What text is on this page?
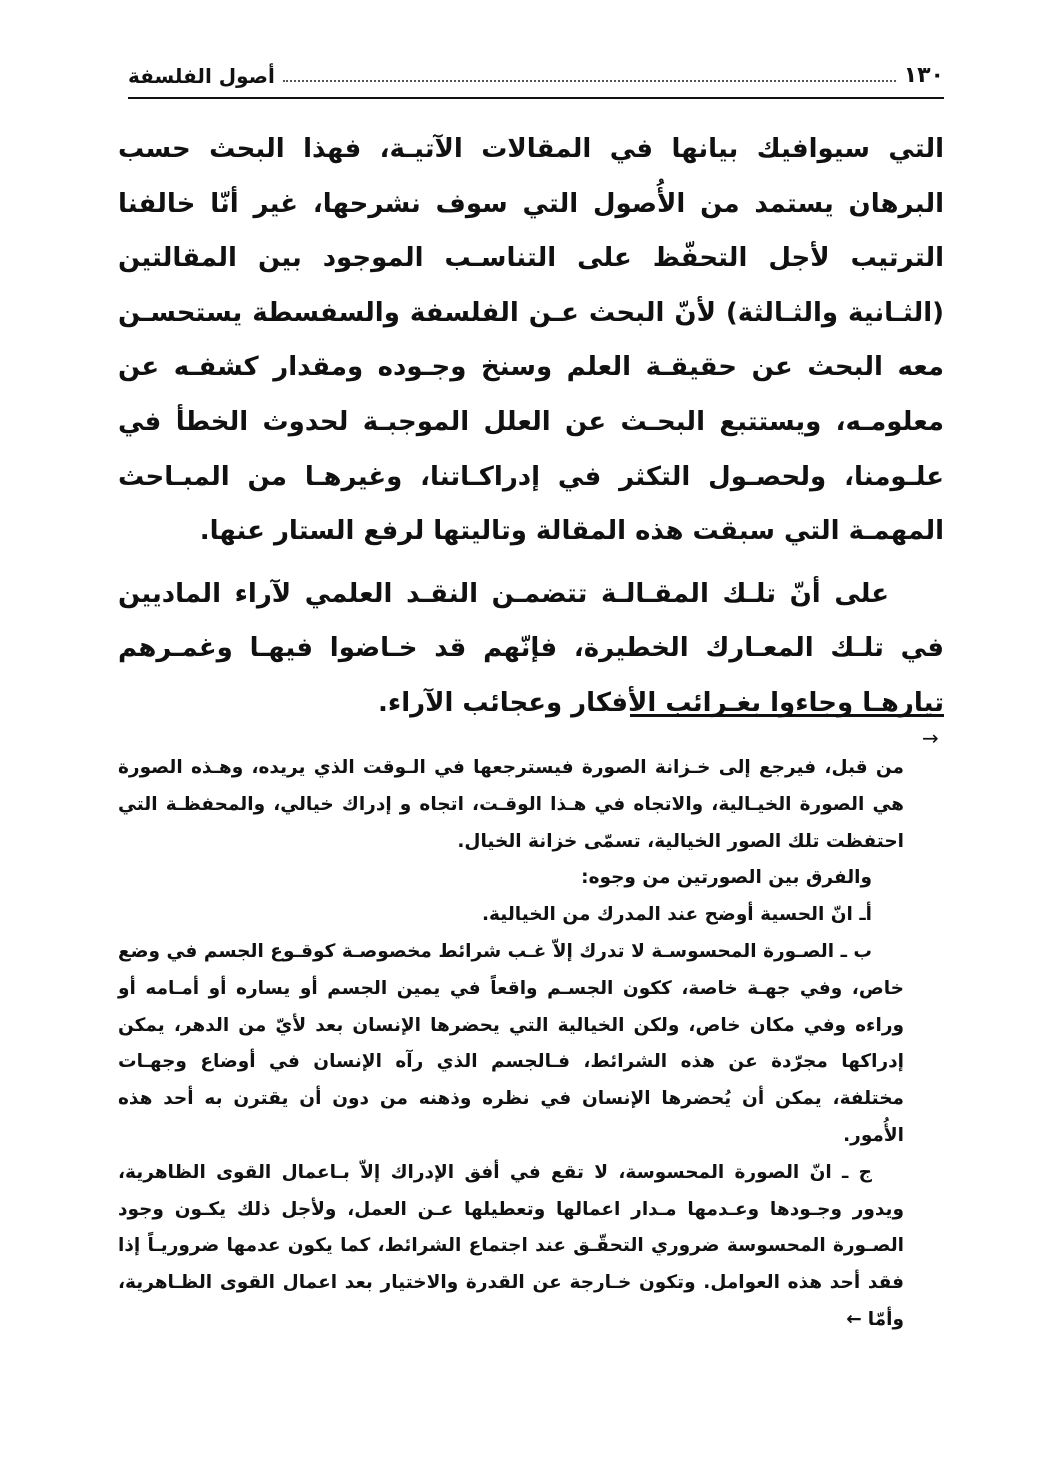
١٣٠
أصول الفلسفة

التي سيوافيك بيانها في المقالات الآتيـة، فهذا البحث حسب البرهان يستمد من الأُصول التي سوف نشرحها، غير أنّا خالفنا الترتيب لأجل التحفّظ على التناسـب الموجود بين المقالتين (الثـانية والثـالثة) لأنّ البحث عـن الفلسفة والسفسطة يستحسـن معه البحث عن حقيقـة العلم وسنخ وجـوده ومقدار كشفـه عن معلومـه، ويستتبع البحـث عن العلل الموجبـة لحدوث الخطأ في علـومنا، ولحصـول التكثر في إدراكـاتنا، وغيرهـا من المبـاحث المهمـة التي سبقت هذه المقالة وتاليتها لرفع الستار عنها.

على أنّ تلـك المقـالـة تتضمـن النقـد العلمي لآراء الماديين في تلـك المعـارك الخطيرة، فإنّهم قد خـاضوا فيهـا وغمـرهم تيارهـا وجاءوا بغـرائب الأفكار وعجائب الآراء.

→

من قبل، فيرجع إلى خـزانة الصورة فيسترجعها في الـوقت الذي يريده، وهـذه الصورة هي الصورة الخيـالية، والاتجاه في هـذا الوقـت، اتجاه و إدراك خيالي، والمحفظـة التي احتفظت تلك الصور الخيالية، تسمّى خزانة الخيال.

والفرق بين الصورتين من وجوه:

أـ انّ الحسية أوضح عند المدرك من الخيالية.

ب ـ الصـورة المحسوسـة لا تدرك إلاّ غـب شرائط مخصوصـة كوقـوع الجسم في وضع خاص، وفي جهـة خاصة، ككون الجسـم واقعاً في يمين الجسم أو يساره أو أمـامه أو وراءه وفي مكان خاص، ولكن الخيالية التي يحضرها الإنسان بعد لأيّ من الدهر، يمكن إدراكها مجرّدة عن هذه الشرائط، فـالجسم الذي رآه الإنسان في أوضاع وجهـات مختلفة، يمكن أن يُحضرها الإنسان في نظره وذهنه من دون أن يقترن به أحد هذه الأُمور.

ج ـ انّ الصورة المحسوسة، لا تقع في أفق الإدراك إلاّ بـاعمال القوى الظاهرية، ويدور وجـودها وعـدمها مـدار اعمالها وتعطيلها عـن العمل، ولأجل ذلك يكـون وجود الصـورة المحسوسة ضروري التحقّـق عند اجتماع الشرائط، كما يكون عدمها ضروريـاً إذا فقد أحد هذه العوامل. وتكون خـارجة عن القدرة والاختيار بعد اعمال القوى الظـاهرية، وأمّا←
